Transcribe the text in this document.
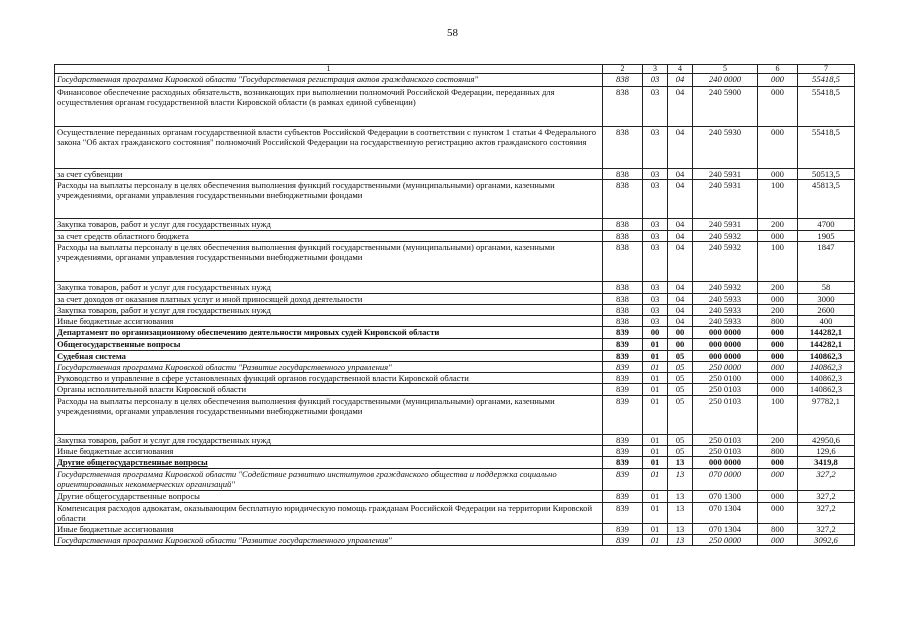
58
1	2	3	4	5	6	7
Государственная программа Кировской области "Государственная регистрация актов гражданского состояния"	838	03	04	240 0000	000	55418,5
Финансовое обеспечение расходных обязательств, возникающих при выполнении полномочий Российской Федерации, переданных для осуществления органам государственной власти Кировской области (в рамках единой субвенции)	838	03	04	240 5900	000	55418,5
Осуществление переданных органам государственной власти субъектов Российской Федерации в соответствии с пунктом 1 статьи 4 Федерального закона "Об актах гражданского состояния" полномочий Российской Федерации на государственную регистрацию актов гражданского состояния	838	03	04	240 5930	000	55418,5
за счет субвенции	838	03	04	240 5931	000	50513,5
Расходы на выплаты персоналу в целях обеспечения выполнения функций государственными (муниципальными) органами, казенными учреждениями, органами управления государственными внебюджетными фондами	838	03	04	240 5931	100	45813,5
Закупка товаров, работ и услуг для государственных нужд	838	03	04	240 5931	200	4700
за счет средств областного бюджета	838	03	04	240 5932	000	1905
Расходы на выплаты персоналу в целях обеспечения выполнения функций государственными (муниципальными) органами, казенными учреждениями, органами управления государственными внебюджетными фондами	838	03	04	240 5932	100	1847
Закупка товаров, работ и услуг для государственных нужд	838	03	04	240 5932	200	58
за счет доходов от оказания платных услуг и иной приносящей доход деятельности	838	03	04	240 5933	000	3000
Закупка товаров, работ и услуг для государственных нужд	838	03	04	240 5933	200	2600
Иные бюджетные ассигнования	838	03	04	240 5933	800	400
Департамент по организационному обеспечению деятельности мировых судей Кировской области	839	00	00	000 0000	000	144282,1
Общегосударственные вопросы	839	01	00	000 0000	000	144282,1
Судебная система	839	01	05	000 0000	000	140862,3
Государственная программа Кировской области "Развитие государственного управления"	839	01	05	250 0000	000	140862,3
Руководство и управление в сфере установленных функций органов государственной власти Кировской области	839	01	05	250 0100	000	140862,3
Органы исполнительной власти Кировской области	839	01	05	250 0103	000	140862,3
Расходы на выплаты персоналу в целях обеспечения выполнения функций государственными (муниципальными) органами, казенными учреждениями, органами управления государственными внебюджетными фондами	839	01	05	250 0103	100	97782,1
Закупка товаров, работ и услуг для государственных нужд	839	01	05	250 0103	200	42950,6
Иные бюджетные ассигнования	839	01	05	250 0103	800	129,6
Другие общегосударственные вопросы	839	01	13	000 0000	000	3419,8
Государственная программа Кировской области "Содействие развитию институтов гражданского общества и поддержка социально ориентированных некоммерческих организаций"	839	01	13	070 0000	000	327,2
Другие общегосударственные вопросы	839	01	13	070 1300	000	327,2
Компенсация расходов адвокатам, оказывающим бесплатную юридическую помощь гражданам Российской Федерации на территории Кировской области	839	01	13	070 1304	000	327,2
Иные бюджетные ассигнования	839	01	13	070 1304	800	327,2
Государственная программа Кировской области "Развитие государственного управления"	839	01	13	250 0000	000	3092,6
